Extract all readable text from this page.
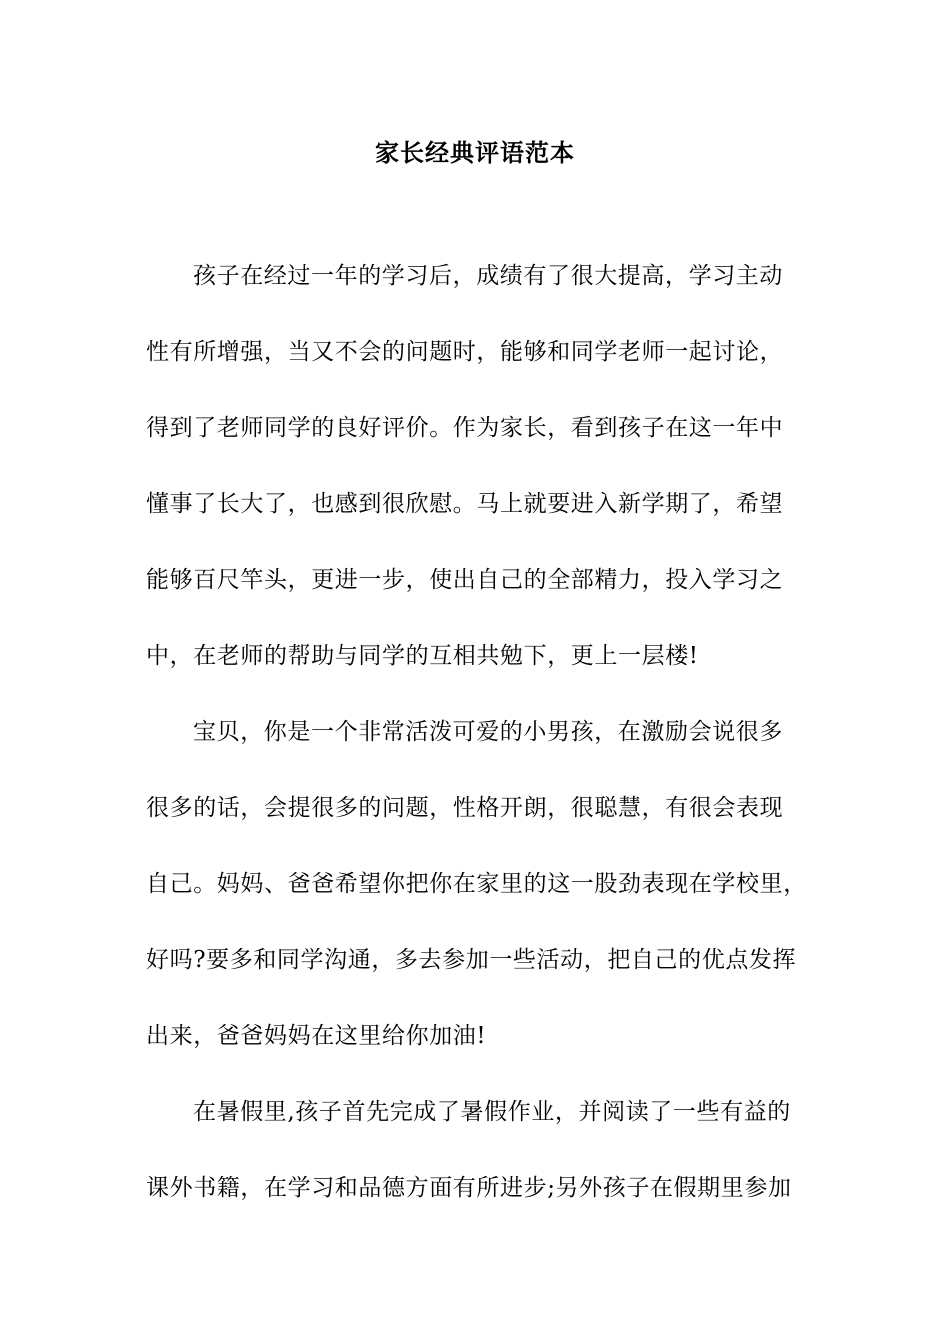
家长经典评语范本
孩子在经过一年的学习后，成绩有了很大提高，学习主动
性有所增强，当又不会的问题时，能够和同学老师一起讨论，
得到了老师同学的良好评价。作为家长，看到孩子在这一年中
懂事了长大了，也感到很欣慰。马上就要进入新学期了，希望
能够百尺竿头，更进一步，使出自己的全部精力，投入学习之
中，在老师的帮助与同学的互相共勉下，更上一层楼!
宝贝，你是一个非常活泼可爱的小男孩，在激励会说很多
很多的话，会提很多的问题，性格开朗，很聪慧，有很会表现
自己。妈妈、爸爸希望你把你在家里的这一股劲表现在学校里，
好吗?要多和同学沟通，多去参加一些活动，把自己的优点发挥
出来，爸爸妈妈在这里给你加油!
在暑假里,孩子首先完成了暑假作业，并阅读了一些有益的
课外书籍，在学习和品德方面有所进步;另外孩子在假期里参加
